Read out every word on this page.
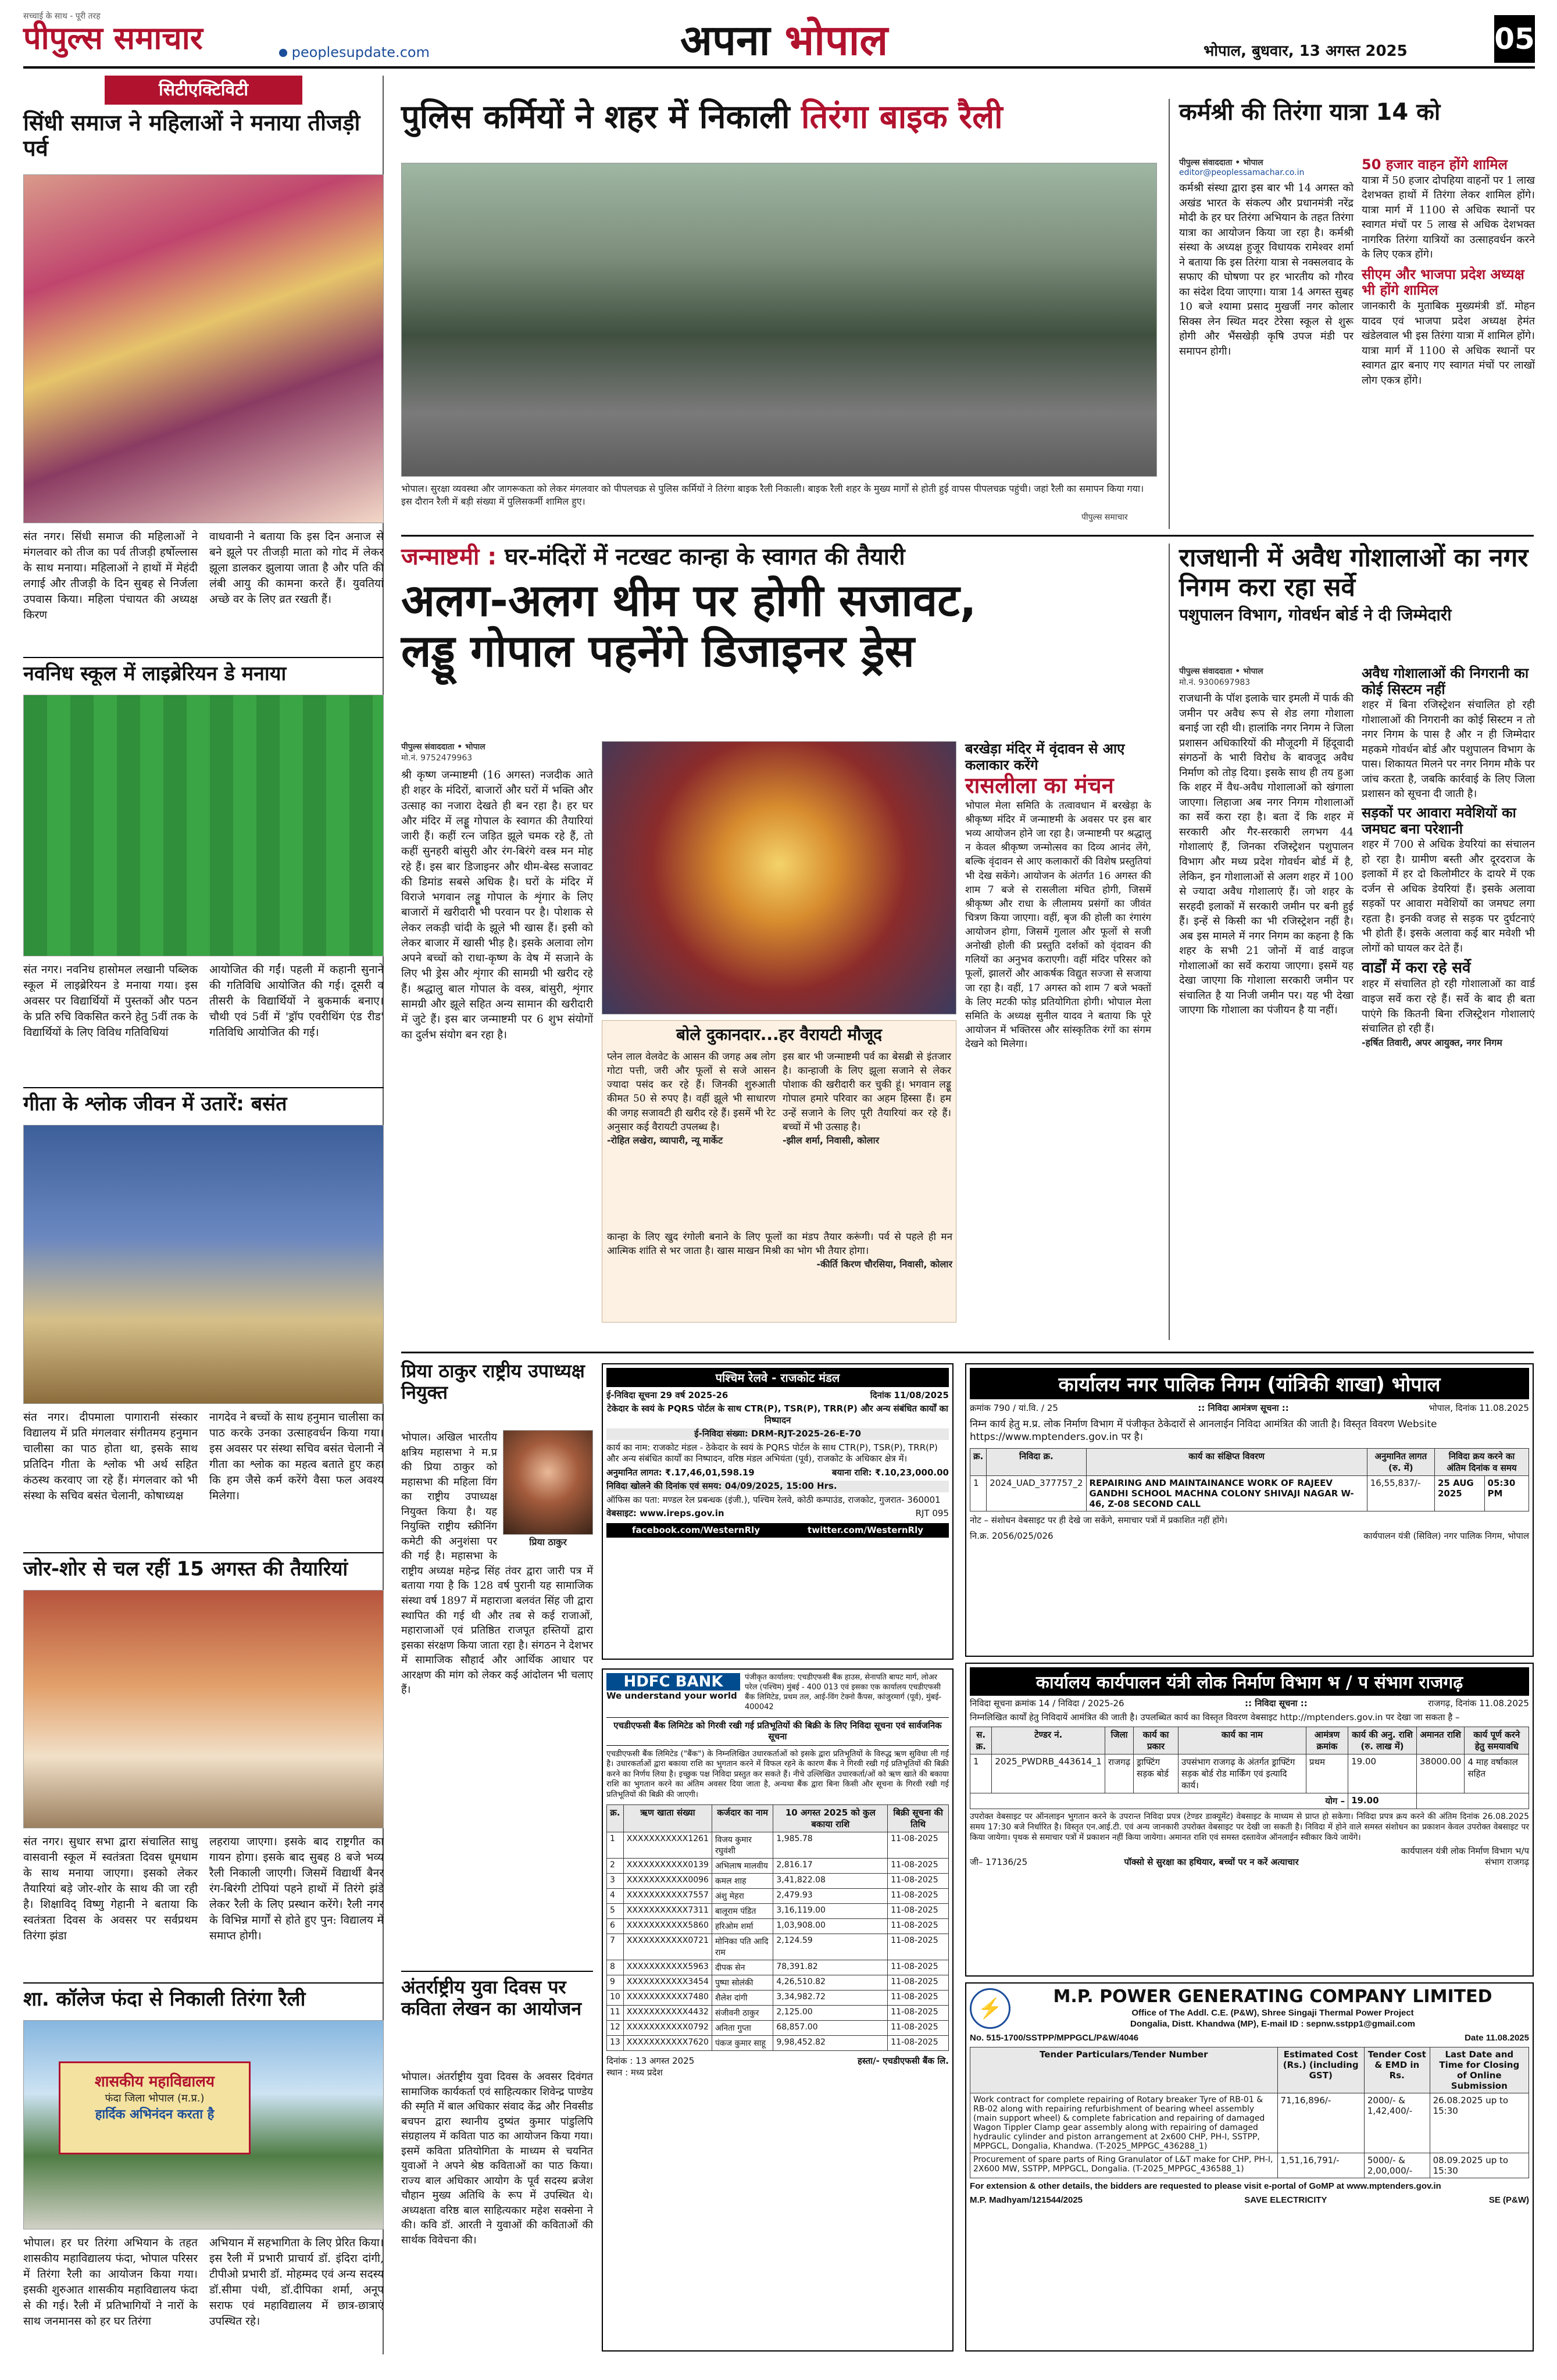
सच्चाई के साथ - पूरी तरह
पीपुल्स समाचार	peoplesupdate.com	अपना भोपाल	भोपाल, बुधवार, 13 अगस्त 2025	05
सिटीएक्टिविटी
सिंधी समाज ने महिलाओं ने मनाया तीजड़ी पर्व
संत नगर। सिंधी समाज की महिलाओं ने मंगलवार को तीज का पर्व तीजड़ी हर्षोल्लास के साथ मनाया। महिलाओं ने हाथों में मेहंदी लगाई और तीजड़ी के दिन सुबह से निर्जला उपवास किया। महिला पंचायत की अध्यक्ष किरण
वाधवानी ने बताया कि इस दिन अनाज से बने झूले पर तीजड़ी माता को गोद में लेकर झूला डालकर झुलाया जाता है और पति की लंबी आयु की कामना करते हैं। युवतियां अच्छे वर के लिए व्रत रखती हैं।
नवनिध स्कूल में लाइब्रेरियन डे मनाया
संत नगर। नवनिध हासोमल लखानी पब्लिक स्कूल में लाइब्रेरियन डे मनाया गया। इस अवसर पर विद्यार्थियों में पुस्तकों और पठन के प्रति रुचि विकसित करने हेतु 5वीं तक के विद्यार्थियों के लिए विविध गतिविधियां
आयोजित की गईं। पहली में कहानी सुनाने की गतिविधि आयोजित की गई। दूसरी व तीसरी के विद्यार्थियों ने बुकमार्क बनाए। चौथी एवं 5वीं में 'ड्रॉप एवरीथिंग एंड रीड' गतिविधि आयोजित की गई।
गीता के श्लोक जीवन में उतारें: बसंत
संत नगर। दीपमाला पागारानी संस्कार विद्यालय में प्रति मंगलवार संगीतमय हनुमान चालीसा का पाठ होता था, इसके साथ प्रतिदिन गीता के श्लोक भी अर्थ सहित कंठस्थ करवाए जा रहे हैं। मंगलवार को भी संस्था के सचिव बसंत चेलानी, कोषाध्यक्ष
नागदेव ने बच्चों के साथ हनुमान चालीसा का पाठ करके उनका उत्साहवर्धन किया गया। इस अवसर पर संस्था सचिव बसंत चेलानी ने गीता का श्लोक का महत्व बताते हुए कहा कि हम जैसे कर्म करेंगे वैसा फल अवश्य मिलेगा।
जोर-शोर से चल रहीं 15 अगस्त की तैयारियां
संत नगर। सुधार सभा द्वारा संचालित साधु वासवानी स्कूल में स्वतंत्रता दिवस धूमधाम के साथ मनाया जाएगा। इसको लेकर तैयारियां बड़े जोर-शोर के साथ की जा रही है। शिक्षाविद् विष्णु गेहानी ने बताया कि स्वतंत्रता दिवस के अवसर पर सर्वप्रथम तिरंगा झंडा
लहराया जाएगा। इसके बाद राष्ट्रगीत का गायन होगा। इसके बाद सुबह 8 बजे भव्य रैली निकाली जाएगी। जिसमें विद्यार्थी बैनर रंग-बिरंगी टोपियां पहने हाथों में तिरंगे झंडे लेकर रैली के लिए प्रस्थान करेंगे। रैली नगर के विभिन्न मार्गों से होते हुए पुन: विद्यालय में समाप्त होगी।
शा. कॉलेज फंदा से निकाली तिरंगा रैली
शासकीय महाविद्यालय
फंदा जिला भोपाल (म.प्र.)
हार्दिक अभिनंदन करता है
भोपाल। हर घर तिरंगा अभियान के तहत शासकीय महाविद्यालय फंदा, भोपाल परिसर में तिरंगा रैली का आयोजन किया गया। इसकी शुरुआत शासकीय महाविद्यालय फंदा से की गई। रैली में प्रतिभागियों ने नारों के साथ जनमानस को हर घर तिरंगा
अभियान में सहभागिता के लिए प्रेरित किया। इस रैली में प्रभारी प्राचार्य डॉ. इंदिरा दांगी, टीपीओ प्रभारी डॉ. मोहम्मद एवं अन्य सदस्य डॉ.सीमा पंथी, डॉ.दीपिका शर्मा, अनूप सराफ एवं महाविद्यालय में छात्र-छात्राएं उपस्थित रहे।
पुलिस कर्मियों ने शहर में निकाली तिरंगा बाइक रैली
भोपाल। सुरक्षा व्यवस्था और जागरूकता को लेकर मंगलवार को पीपलचक्र से पुलिस कर्मियों ने तिरंगा बाइक रैली निकाली। बाइक रैली शहर के मुख्य मार्गों से होती हुई वापस पीपलचक्र पहुंची। जहां रैली का समापन किया गया। इस दौरान रैली में बड़ी संख्या में पुलिसकर्मी शामिल हुए।
पीपुल्स समाचार
कर्मश्री की तिरंगा यात्रा 14 को
पीपुल्स संवाददाता • भोपाल
editor@peoplessamachar.co.in
कर्मश्री संस्था द्वारा इस बार भी 14 अगस्त को अखंड भारत के संकल्प और प्रधानमंत्री नरेंद्र मोदी के हर घर तिरंगा अभियान के तहत तिरंगा यात्रा का आयोजन किया जा रहा है। कर्मश्री संस्था के अध्यक्ष हुजूर विधायक रामेश्वर शर्मा ने बताया कि इस तिरंगा यात्रा से नक्सलवाद के सफाए की घोषणा पर हर भारतीय को गौरव का संदेश दिया जाएगा। यात्रा 14 अगस्त सुबह 10 बजे श्यामा प्रसाद मुखर्जी नगर कोलार सिक्स लेन स्थित मदर टेरेसा स्कूल से शुरू होगी और भैंसखेड़ी कृषि उपज मंडी पर समापन होगी।
50 हजार वाहन होंगे शामिल
यात्रा में 50 हजार दोपहिया वाहनों पर 1 लाख देशभक्त हाथों में तिरंगा लेकर शामिल होंगे। यात्रा मार्ग में 1100 से अधिक स्थानों पर स्वागत मंचों पर 5 लाख से अधिक देशभक्त नागरिक तिरंगा यात्रियों का उत्साहवर्धन करने के लिए एकत्र होंगे।
सीएम और भाजपा प्रदेश अध्यक्ष भी होंगे शामिल
जानकारी के मुताबिक मुख्यमंत्री डॉ. मोहन यादव एवं भाजपा प्रदेश अध्यक्ष हेमंत खंडेलवाल भी इस तिरंगा यात्रा में शामिल होंगे। यात्रा मार्ग में 1100 से अधिक स्थानों पर स्वागत द्वार बनाए गए स्वागत मंचों पर लाखों लोग एकत्र होंगे।
जन्माष्टमी : घर-मंदिरों में नटखट कान्हा के स्वागत की तैयारी
अलग-अलग थीम पर होगी सजावट,
लड्डू गोपाल पहनेंगे डिजाइनर ड्रेस
पीपुल्स संवाददाता • भोपाल
मो.नं. 9752479963
श्री कृष्ण जन्माष्टमी (16 अगस्त) नजदीक आते ही शहर के मंदिरों, बाजारों और घरों में भक्ति और उत्साह का नजारा देखते ही बन रहा है। हर घर और मंदिर में लड्डू गोपाल के स्वागत की तैयारियां जारी हैं। कहीं रत्न जड़ित झूले चमक रहे हैं, तो कहीं सुनहरी बांसुरी और रंग-बिरंगे वस्त्र मन मोह रहे हैं। इस बार डिजाइनर और थीम-बेस्ड सजावट की डिमांड सबसे अधिक है। घरों के मंदिर में विराजे भगवान लड्डू गोपाल के शृंगार के लिए बाजारों में खरीदारी भी परवान पर है। पोशाक से लेकर लकड़ी चांदी के झूले भी खास हैं। इसी को लेकर बाजार में खासी भीड़ है। इसके अलावा लोग अपने बच्चों को राधा-कृष्ण के वेष में सजाने के लिए भी ड्रेस और शृंगार की सामग्री भी खरीद रहे हैं। श्रद्धालु बाल गोपाल के वस्त्र, बांसुरी, शृंगार सामग्री और झूले सहित अन्य सामान की खरीदारी में जुटे हैं। इस बार जन्माष्टमी पर 6 शुभ संयोगों का दुर्लभ संयोग बन रहा है।	बोले दुकानदार...हर वैरायटी मौजूद
प्लेन लाल वेलवेट के आसन की जगह अब लोग गोटा पत्ती, जरी और फूलों से सजे आसन ज्यादा पसंद कर रहे हैं। जिनकी शुरुआती कीमत 50 से रुपए है। वहीं झूले भी साधारण की जगह सजावटी ही खरीद रहे हैं। इसमें भी रेट अनुसार कई वैरायटी उपलब्ध है।
-रोहित लखेरा, व्यापारी, न्यू मार्केट
इस बार भी जन्माष्टमी पर्व का बेसब्री से इंतजार है। कान्हाजी के लिए झूला सजाने से लेकर पोशाक की खरीदारी कर चुकी हूं। भगवान लड्डू गोपाल हमारे परिवार का अहम हिस्सा हैं। हम उन्हें सजाने के लिए पूरी तैयारियां कर रहे हैं। बच्चों में भी उत्साह है।
-झील शर्मा, निवासी, कोलार
कान्हा के लिए खुद रंगोली बनाने के लिए फूलों का मंडप तैयार करूंगी। पर्व से पहले ही मन आत्मिक शांति से भर जाता है। खास माखन मिश्री का भोग भी तैयार होगा।
-कीर्ति किरण चौरसिया, निवासी, कोलार
बरखेड़ा मंदिर में वृंदावन से आए कलाकार करेंगे
रासलीला का मंचन
भोपाल मेला समिति के तत्वावधान में बरखेड़ा के श्रीकृष्ण मंदिर में जन्माष्टमी के अवसर पर इस बार भव्य आयोजन होने जा रहा है। जन्माष्टमी पर श्रद्धालु न केवल श्रीकृष्ण जन्मोत्सव का दिव्य आनंद लेंगे, बल्कि वृंदावन से आए कलाकारों की विशेष प्रस्तुतियां भी देख सकेंगे। आयोजन के अंतर्गत 16 अगस्त की शाम 7 बजे से रासलीला मंचित होगी, जिसमें श्रीकृष्ण और राधा के लीलामय प्रसंगों का जीवंत चित्रण किया जाएगा। वहीं, बृज की होली का रंगारंग आयोजन होगा, जिसमें गुलाल और फूलों से सजी अनोखी होली की प्रस्तुति दर्शकों को वृंदावन की गलियों का अनुभव कराएगी। वहीं मंदिर परिसर को फूलों, झालरों और आकर्षक विद्युत सज्जा से सजाया जा रहा है। वहीं, 17 अगस्त को शाम 7 बजे भक्तों के लिए मटकी फोड़ प्रतियोगिता होगी। भोपाल मेला समिति के अध्यक्ष सुनील यादव ने बताया कि पूरे आयोजन में भक्तिरस और सांस्कृतिक रंगों का संगम देखने को मिलेगा।
राजधानी में अवैध गोशालाओं का नगर निगम करा रहा सर्वे
पशुपालन विभाग, गोवर्धन बोर्ड ने दी जिम्मेदारी
पीपुल्स संवाददाता • भोपाल
मो.नं. 9300697983
राजधानी के पॉश इलाके चार इमली में पार्क की जमीन पर अवैध रूप से शेड लगा गोशाला बनाई जा रही थी। हालांकि नगर निगम ने जिला प्रशासन अधिकारियों की मौजूदगी में हिंदूवादी संगठनों के भारी विरोध के बावजूद अवैध निर्माण को तोड़ दिया। इसके साथ ही तय हुआ कि शहर में वैध-अवैध गोशालाओं को खंगाला जाएगा। लिहाजा अब नगर निगम गोशालाओं का सर्वे करा रहा है। बता दें कि शहर में सरकारी और गैर-सरकारी लगभग 44 गोशालाएं हैं, जिनका रजिस्ट्रेशन पशुपालन विभाग और मध्य प्रदेश गोवर्धन बोर्ड में है, लेकिन, इन गोशालाओं से अलग शहर में 100 से ज्यादा अवैध गोशालाएं हैं। जो शहर के सरहदी इलाकों में सरकारी जमीन पर बनी हुई हैं। इन्हें से किसी का भी रजिस्ट्रेशन नहीं है। अब इस मामले में नगर निगम का कहना है कि शहर के सभी 21 जोनों में वार्ड वाइज गोशालाओं का सर्वे कराया जाएगा। इसमें यह देखा जाएगा कि गोशाला सरकारी जमीन पर संचालित है या निजी जमीन पर। यह भी देखा जाएगा कि गोशाला का पंजीयन है या नहीं।
अवैध गोशालाओं की निगरानी का कोई सिस्टम नहीं
शहर में बिना रजिस्ट्रेशन संचालित हो रही गोशालाओं की निगरानी का कोई सिस्टम न तो नगर निगम के पास है और न ही जिम्मेदार महकमे गोवर्धन बोर्ड और पशुपालन विभाग के पास। शिकायत मिलने पर नगर निगम मौके पर जांच करता है, जबकि कार्रवाई के लिए जिला प्रशासन को सूचना दी जाती है।
सड़कों पर आवारा मवेशियों का जमघट बना परेशानी
शहर में 700 से अधिक डेयरियां का संचालन हो रहा है। ग्रामीण बस्ती और दूरदराज के इलाकों में हर दो किलोमीटर के दायरे में एक दर्जन से अधिक डेयरियां हैं। इसके अलावा सड़कों पर आवारा मवेशियों का जमघट लगा रहता है। इनकी वजह से सड़क पर दुर्घटनाएं भी होती हैं। इसके अलावा कई बार मवेशी भी लोगों को घायल कर देते हैं।
वार्डों में करा रहे सर्वे
शहर में संचालित हो रही गोशालाओं का वार्ड वाइज सर्वे करा रहे हैं। सर्वे के बाद ही बता पाएंगे कि कितनी बिना रजिस्ट्रेशन गोशालाएं संचालित हो रही हैं।
-हर्षित तिवारी, अपर आयुक्त, नगर निगम
प्रिया ठाकुर राष्ट्रीय उपाध्यक्ष नियुक्त
प्रिया ठाकुर
भोपाल। अखिल भारतीय क्षत्रिय महासभा ने म.प्र की प्रिया ठाकुर को महासभा की महिला विंग का राष्ट्रीय उपाध्यक्ष नियुक्त किया है। यह नियुक्ति राष्ट्रीय स्क्रीनिंग कमेटी की अनुशंसा पर की गई है। महासभा के राष्ट्रीय अध्यक्ष महेन्द्र सिंह तंवर द्वारा जारी पत्र में बताया गया है कि 128 वर्ष पुरानी यह सामाजिक संस्था वर्ष 1897 में महाराजा बलवंत सिंह जी द्वारा स्थापित की गई थी और तब से कई राजाओं, महाराजाओं एवं प्रतिष्ठित राजपूत हस्तियों द्वारा इसका संरक्षण किया जाता रहा है। संगठन ने देशभर में सामाजिक सौहार्द और आर्थिक आधार पर आरक्षण की मांग को लेकर कई आंदोलन भी चलाए हैं।
अंतर्राष्ट्रीय युवा दिवस पर कविता लेखन का आयोजन
भोपाल। अंतर्राष्ट्रीय युवा दिवस के अवसर दिवंगत सामाजिक कार्यकर्ता एवं साहित्यकार शिवेन्द्र पाण्डेय की स्मृति में बाल अधिकार संवाद केंद्र और निवसीड बचपन द्वारा स्थानीय दुष्यंत कुमार पांडुलिपि संग्रहालय में कविता पाठ का आयोजन किया गया। इसमें कविता प्रतियोगिता के माध्यम से चयनित युवाओं ने अपने श्रेष्ठ कविताओं का पाठ किया। राज्य बाल अधिकार आयोग के पूर्व सदस्य ब्रजेश चौहान मुख्य अतिथि के रूप में उपस्थित थे। अध्यक्षता वरिष्ठ बाल साहित्यकार महेश सक्सेना ने की। कवि डॉ. आरती ने युवाओं की कविताओं की सार्थक विवेचना की।
पश्चिम रेलवे - राजकोट मंडल
ई-निविदा सूचना 29 वर्ष 2025-26	दिनांक 11/08/2025
टेकेदार के स्वयं के PQRS पोर्टल के साथ CTR(P), TSR(P), TRR(P) और अन्य संबंधित कार्यों का निष्पादन
ई-निविदा संख्या: DRM-RJT-2025-26-E-70
कार्य का नाम: राजकोट मंडल - ठेकेदार के स्वयं के PQRS पोर्टल के साथ CTR(P), TSR(P), TRR(P) और अन्य संबंधित कार्यों का निष्पादन, वरिष्ठ मंडल अभियंता (पूर्व), राजकोट के अधिकार क्षेत्र में।
अनुमानित लागत: ₹.17,46,01,598.19	बयाना राशि: ₹.10,23,000.00
निविदा खोलने की दिनांक एवं समय: 04/09/2025, 15:00 Hrs.
ऑफिस का पता: मण्डल रेल प्रबन्धक (इंजी.), पश्चिम रेलवे, कोठी कम्पाउंड, राजकोट, गुजरात- 360001
वेबसाइट: www.ireps.gov.in	RJT 095
facebook.com/WesternRly	twitter.com/WesternRly
HDFC BANK
We understand your world
पंजीकृत कार्यालय: एचडीएफसी बैंक हाउस, सेनापति बापट मार्ग, लोअर परेल (पश्चिम) मुंबई - 400 013 एवं इसका एक कार्यालय एचडीएफसी बैंक लिमिटेड, प्रथम तल, आई-विंग टेक्नो कैंपस, कांजुरमार्ग (पूर्व), मुंबई- 400042
एचडीएफसी बैंक लिमिटेड को गिरवी रखी गई प्रतिभूतियों की बिक्री के लिए निविदा सूचना एवं सार्वजनिक सूचना
एचडीएफसी बैंक लिमिटेड ("बैंक") के निम्नलिखित उधारकर्ताओं को इसके द्वारा प्रतिभूतियों के विरुद्ध ऋण सुविधा ली गई है। उधारकर्ताओं द्वारा बकाया राशि का भुगतान करने में विफल रहने के कारण बैंक ने गिरवी रखी गई प्रतिभूतियों की बिक्री करने का निर्णय लिया है। इच्छुक पक्ष निविदा प्रस्तुत कर सकते हैं। नीचे उल्लिखित उधारकर्ता/ओं को ऋण खाते की बकाया राशि का भुगतान करने का अंतिम अवसर दिया जाता है, अन्यथा बैंक द्वारा बिना किसी और सूचना के गिरवी रखी गई प्रतिभूतियों की बिक्री की जाएगी।
क्र.	ऋण खाता संख्या	कर्जदार का नाम	10 अगस्त 2025 को कुल बकाया राशि	बिक्री सूचना की तिथि
1	XXXXXXXXXXX1261	विजय कुमार रघुवंशी	1,985.78	11-08-2025
2	XXXXXXXXXXX0139	अभिलाष मालवीय	2,816.17	11-08-2025
3	XXXXXXXXXXX0096	कमल शाह	3,41,822.08	11-08-2025
4	XXXXXXXXXXX7557	अंशु मेहरा	2,479.93	11-08-2025
5	XXXXXXXXXXX7311	बालूराम पंडित	3,16,119.00	11-08-2025
6	XXXXXXXXXXX5860	हरिओम शर्मा	1,03,908.00	11-08-2025
7	XXXXXXXXXXX0721	मोनिका पति आदि राम	2,124.59	11-08-2025
8	XXXXXXXXXXX5963	दीपक सेन	78,391.82	11-08-2025
9	XXXXXXXXXXX3454	पुष्पा सोलंकी	4,26,510.82	11-08-2025
10	XXXXXXXXXXX7480	शैलेश दांगी	3,34,982.72	11-08-2025
11	XXXXXXXXXXX4432	संजीवनी ठाकुर	2,125.00	11-08-2025
12	XXXXXXXXXXX0792	अनिता गुप्ता	68,857.00	11-08-2025
13	XXXXXXXXXXX7620	पंकज कुमार साहू	9,98,452.82	11-08-2025
दिनांक : 13 अगस्त 2025
स्थान : मध्य प्रदेश
हस्ता/- एचडीएफसी बैंक लि.
कार्यालय नगर पालिक निगम (यांत्रिकी शाखा) भोपाल
क्रमांक 790 / यां.वि. / 25	:: निविदा आमंत्रण सूचना ::	भोपाल, दिनांक 11.08.2025
निम्न कार्य हेतु म.प्र. लोक निर्माण विभाग में पंजीकृत ठेकेदारों से आनलाईन निविदा आमंत्रित की जाती है। विस्तृत विवरण Website https://www.mptenders.gov.in पर है।
क्र.	निविदा क्र.	कार्य का संक्षिप्त विवरण	अनुमानित लागत (रु. में)	निविदा क्रय करने का अंतिम दिनांक व समय	
1	2024_UAD_377757_2	REPAIRING AND MAINTAINANCE WORK OF RAJEEV GANDHI SCHOOL MACHNA COLONY SHIVAJI NAGAR W-46, Z-08 SECOND CALL	16,55,837/-	25 AUG 2025	05:30 PM
नोट – संशोधन वेबसाइट पर ही देखे जा सकेंगे, समाचार पत्रों में प्रकाशित नहीं होंगे।
नि.क्र. 2056/025/026	कार्यपालन यंत्री (सिविल) नगर पालिक निगम, भोपाल
कार्यालय कार्यपालन यंत्री लोक निर्माण विभाग भ / प संभाग राजगढ़
निविदा सूचना क्रमांक 14 / निविदा / 2025-26	:: निविदा सूचना ::	राजगढ़, दिनांक 11.08.2025
निम्नलिखित कार्यों हेतु निविदायें आमंत्रित की जाती है। उपलब्धित कार्य का विस्तृत विवरण वेबसाइट http://mptenders.gov.in पर देखा जा सकता है –
स. क्र.	टेण्डर नं.	जिला	कार्य का प्रकार	कार्य का नाम	आमंत्रण क्रमांक	कार्य की अनु. राशि (रु. लाख में)	अमानत राशि	कार्य पूर्ण करने हेतु समयावधि
1	2025_PWDRB_443614_1	राजगढ़	ड्राफ्टिंग सड़क बोर्ड	उपसंभाग राजगढ़ के अंतर्गत ड्राफ्टिंग सड़क बोर्ड रोड मार्किंग एवं इत्यादि कार्य।	प्रथम	19.00	38000.00	4 माह वर्षाकाल सहित
योग –						19.00		
उपरोक्त वेबसाइट पर ऑनलाइन भुगतान करने के उपरान्त निविदा प्रपत्र (टेण्डर डाक्यूमेंट) वेबसाइट के माध्यम से प्राप्त हो सकेगा। निविदा प्रपत्र क्रय करने की अंतिम दिनांक 26.08.2025 समय 17:30 बजे निर्धारित है। विस्तृत एन.आई.टी. एवं अन्य जानकारी उपरोक्त वेबसाइट पर देखी जा सकती है। निविदा में होने वाले समस्त संशोधन का प्रकाशन केवल उपरोक्त वेबसाइट पर किया जायेगा। पृथक से समाचार पत्रों में प्रकाशन नहीं किया जायेगा। अमानत राशि एवं समस्त दस्तावेज ऑनलाईन स्वीकार किये जायेंगे।
जी– 17136/25	पॉक्सो से सुरक्षा का हथियार, बच्चों पर न करें अत्याचार
कार्यपालन यंत्री लोक निर्माण विभाग भ/प संभाग राजगढ़
⚡
M.P. POWER GENERATING COMPANY LIMITED
Office of The Addl. C.E. (P&W), Shree Singaji Thermal Power Project
Dongalia, Distt. Khandwa (MP), E-mail ID : sepnw.sstpp1@gmail.com
No. 515-1700/SSTPP/MPPGCL/P&W/4046	Date 11.08.2025
Tender Particulars/Tender Number	Estimated Cost (Rs.) (including GST)	Tender Cost & EMD in Rs.	Last Date and Time for Closing of Online Submission
Work contract for complete repairing of Rotary breaker Tyre of RB-01 & RB-02 along with repairing refurbishment of bearing wheel assembly (main support wheel) & complete fabrication and repairing of damaged Wagon Tippler Clamp gear assembly along with repairing of damaged hydraulic cylinder and piston arrangement at 2x600 CHP, PH-I, SSTPP, MPPGCL, Dongalia, Khandwa. (T-2025_MPPGC_436288_1)	71,16,896/-	2000/- & 1,42,400/-	26.08.2025 up to 15:30
Procurement of spare parts of Ring Granulator of L&T make for CHP, PH-I, 2X600 MW, SSTPP, MPPGCL, Dongalia. (T-2025_MPPGC_436588_1)	1,51,16,791/-	5000/- & 2,00,000/-	08.09.2025 up to 15:30
For extension & other details, the bidders are requested to please visit e-portal of GoMP at www.mptenders.gov.in
M.P. Madhyam/121544/2025	SAVE ELECTRICITY	SE (P&W)
